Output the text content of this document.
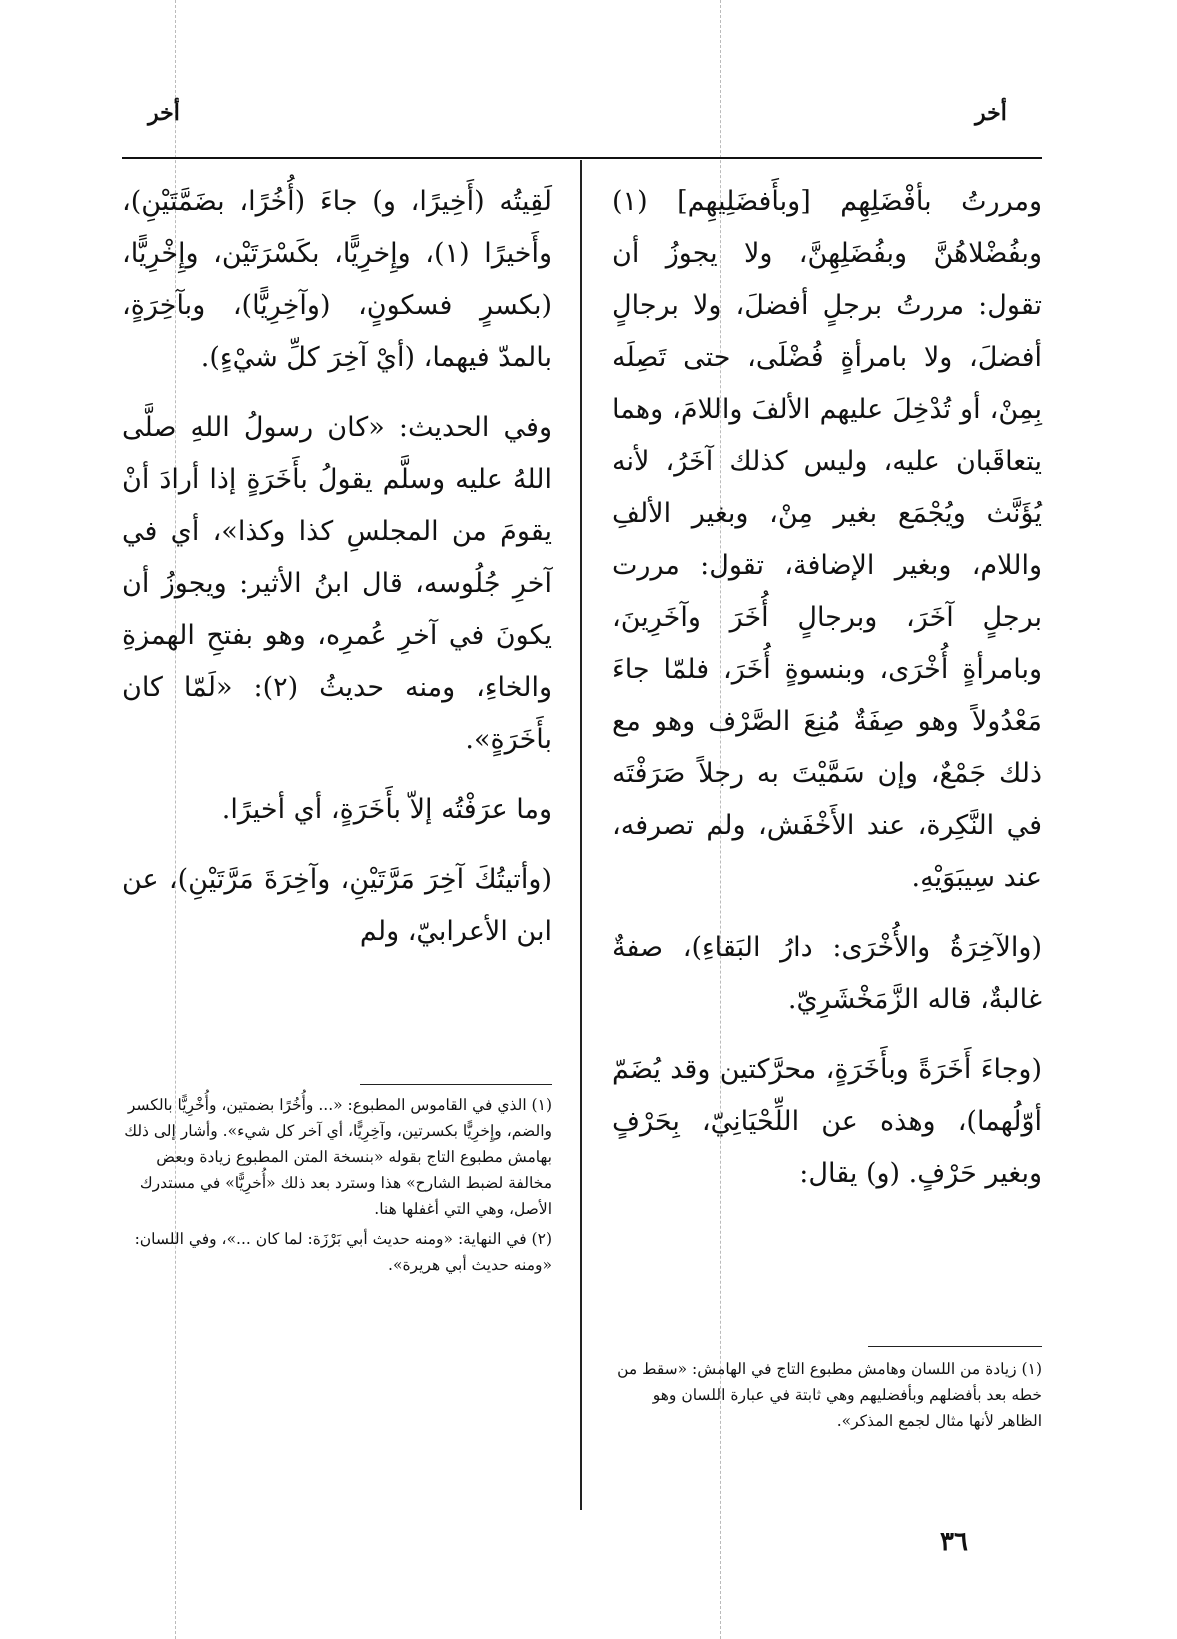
أخر
أخر

ومررتُ بأفْضَلِهِم [وبأَفضَلِيهِم] (١) وبفُضْلاهُنَّ وبفُضَلِهِنَّ، ولا يجوزُ أن تقول: مررتُ برجلٍ أفضلَ، ولا برجالٍ أفضلَ، ولا بامرأةٍ فُضْلَى، حتى تَصِلَه بِمِنْ، أو تُدْخِلَ عليهم الألفَ واللامَ، وهما يتعاقَبان عليه، وليس كذلك آخَرُ، لأنه يُؤَنَّث ويُجْمَع بغير مِنْ، وبغير الألفِ واللام، وبغير الإضافة، تقول: مررت برجلٍ آخَرَ، وبرجالٍ أُخَرَ وآخَرِينَ، وبامرأةٍ أُخْرَى، وبنسوةٍ أُخَرَ، فلمّا جاءَ مَعْدُولاً وهو صِفَةٌ مُنِعَ الصَّرْف وهو مع ذلك جَمْعٌ، وإن سَمَّيْتَ به رجلاً صَرَفْتَه في النَّكِرة، عند الأَخْفَش، ولم تصرفه، عند سِيبَوَيْهِ.

(والآخِرَةُ والأُخْرَى: دارُ البَقاءِ)، صفةٌ غالبةٌ، قاله الزَّمَخْشَرِيّ.

(وجاءَ أَخَرَةً وبأَخَرَةٍ، محرَّكتين وقد يُضَمّ أوّلُهما)، وهذه عن اللِّحْيَانِيّ، بِحَرْفٍ وبغير حَرْفٍ. (و) يقال:

لَقِيتُه (أَخِيرًا، و) جاءَ (أُخُرًا، بضَمَّتَيْنِ)، وأَخيرًا (١)، وإِخرِيًّا، بكَسْرَتَيْن، وإِخْرِيًّا، (بكسرٍ فسكونٍ، (وآخِرِيًّا)، وبآخِرَةٍ، بالمدّ فيهما، (أيْ آخِرَ كلِّ شيْءٍ).

وفي الحديث: «كان رسولُ اللهِ صلَّى اللهُ عليه وسلَّم يقولُ بأَخَرَةٍ إذا أرادَ أنْ يقومَ من المجلسِ كذا وكذا»، أي في آخرِ جُلُوسه، قال ابنُ الأثير: ويجوزُ أن يكونَ في آخرِ عُمرِه، وهو بفتحِ الهمزةِ والخاءِ، ومنه حديثُ (٢): «لَمّا كان بأَخَرَةٍ».

وما عرَفْتُه إلاّ بأَخَرَةٍ، أي أخيرًا.

(وأتيتُكَ آخِرَ مَرَّتَيْنِ، وآخِرَةَ مَرَّتَيْنِ)، عن ابن الأعرابيّ، ولم

(١) زيادة من اللسان وهامش مطبوع التاج في الهامش: «سقط من خطه بعد بأفضلهم وبأفضليهم وهي ثابتة في عبارة اللسان وهو الظاهر لأنها مثال لجمع المذكر».

(١) الذي في القاموس المطبوع: «... وأُخُرًا بضمتين، وأُخْرِيًّا بالكسر والضم، وإِخرِيًّا بكسرتين، وآخِرِيًّا، أي آخر كل شيء». وأشار إلى ذلك بهامش مطبوع التاج بقوله «بنسخة المتن المطبوع زيادة وبعض مخالفة لضبط الشارح» هذا وسترد بعد ذلك «أُخرِيًّا» في مستدرك الأصل، وهي التي أغفلها هنا.

(٢) في النهاية: «ومنه حديث أبي بَرْزَة: لما كان ...»، وفي اللسان: «ومنه حديث أبي هريرة».

٣٦
